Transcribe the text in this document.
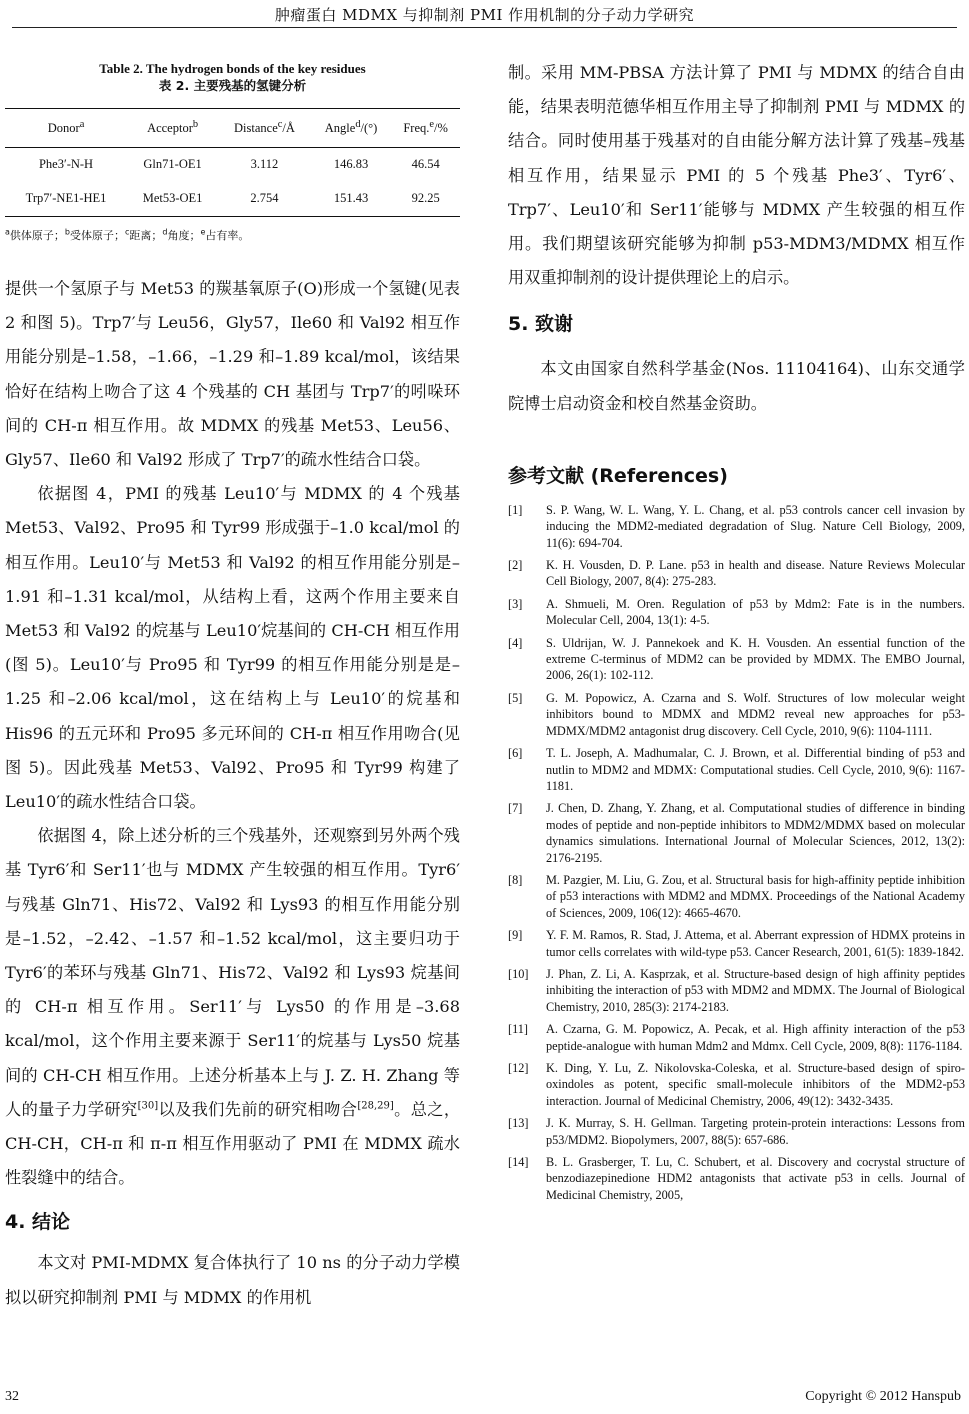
肿瘤蛋白 MDMX 与抑制剂 PMI 作用机制的分子动力学研究
Table 2. The hydrogen bonds of the key residues
表 2. 主要残基的氢键分析
Donor$^a$	Acceptor$^b$	Distance$^c$/Å	Angle$^d$/(°)	Freq.$^e$/%
Phe3′-N-H	Gln71-OE1	3.112	146.83	46.54
Trp7′-NE1-HE1	Met53-OE1	2.754	151.43	92.25
$^a$供体原子；$^b$受体原子；$^c$距离；$^d$角度；$^e$占有率。

提供一个氢原子与 Met53 的羰基氧原子(O)形成一个氢键(见表 2 和图 5)。Trp7′与 Leu56，Gly57，Ile60 和 Val92 相互作用能分别是–1.58，–1.66，–1.29 和–1.89 kcal/mol，该结果恰好在结构上吻合了这 4 个残基的 CH 基团与 Trp7′的吲哚环间的 CH-π 相互作用。故 MDMX 的残基 Met53、Leu56、Gly57、Ile60 和 Val92 形成了 Trp7′的疏水性结合口袋。

依据图 4，PMI 的残基 Leu10′与 MDMX 的 4 个残基 Met53、Val92、Pro95 和 Tyr99 形成强于–1.0 kcal/mol 的相互作用。Leu10′与 Met53 和 Val92 的相互作用能分别是–1.91 和–1.31 kcal/mol，从结构上看，这两个作用主要来自 Met53 和 Val92 的烷基与 Leu10′烷基间的 CH-CH 相互作用(图 5)。Leu10′与 Pro95 和 Tyr99 的相互作用能分别是是–1.25 和–2.06 kcal/mol，这在结构上与 Leu10′的烷基和 His96 的五元环和 Pro95 多元环间的 CH-π 相互作用吻合(见图 5)。因此残基 Met53、Val92、Pro95 和 Tyr99 构建了 Leu10′的疏水性结合口袋。

依据图 4，除上述分析的三个残基外，还观察到另外两个残基 Tyr6′和 Ser11′也与 MDMX 产生较强的相互作用。Tyr6′与残基 Gln71、His72、Val92 和 Lys93 的相互作用能分别是–1.52，–2.42、–1.57 和–1.52 kcal/mol，这主要归功于 Tyr6′的苯环与残基 Gln71、His72、Val92 和 Lys93 烷基间的 CH-π 相互作用。Ser11′与 Lys50 的作用是–3.68 kcal/mol，这个作用主要来源于 Ser11′的烷基与 Lys50 烷基间的 CH-CH 相互作用。上述分析基本上与 J. Z. H. Zhang 等人的量子力学研究[30]以及我们先前的研究相吻合[28,29]。总之，CH-CH，CH-π 和 π-π 相互作用驱动了 PMI 在 MDMX 疏水性裂缝中的结合。

4. 结论

本文对 PMI-MDMX 复合体执行了 10 ns 的分子动力学模拟以研究抑制剂 PMI 与 MDMX 的作用机

制。采用 MM-PBSA 方法计算了 PMI 与 MDMX 的结合自由能，结果表明范德华相互作用主导了抑制剂 PMI 与 MDMX 的结合。同时使用基于残基对的自由能分解方法计算了残基–残基相互作用，结果显示 PMI 的 5 个残基 Phe3′、Tyr6′、Trp7′、Leu10′和 Ser11′能够与 MDMX 产生较强的相互作用。我们期望该研究能够为抑制 p53-MDM3/MDMX 相互作用双重抑制剂的设计提供理论上的启示。

5. 致谢

本文由国家自然科学基金(Nos. 11104164)、山东交通学院博士启动资金和校自然基金资助。

参考文献 (References)
[1]	S. P. Wang, W. L. Wang, Y. L. Chang, et al. p53 controls cancer cell invasion by inducing the MDM2-mediated degradation of Slug. Nature Cell Biology, 2009, 11(6): 694-704.
[2]	K. H. Vousden, D. P. Lane. p53 in health and disease. Nature Reviews Molecular Cell Biology, 2007, 8(4): 275-283.
[3]	A. Shmueli, M. Oren. Regulation of p53 by Mdm2: Fate is in the numbers. Molecular Cell, 2004, 13(1): 4-5.
[4]	S. Uldrijan, W. J. Pannekoek and K. H. Vousden. An essential function of the extreme C-terminus of MDM2 can be provided by MDMX. The EMBO Journal, 2006, 26(1): 102-112.
[5]	G. M. Popowicz, A. Czarna and S. Wolf. Structures of low molecular weight inhibitors bound to MDMX and MDM2 reveal new approaches for p53-MDMX/MDM2 antagonist drug discovery. Cell Cycle, 2010, 9(6): 1104-1111.
[6]	T. L. Joseph, A. Madhumalar, C. J. Brown, et al. Differential binding of p53 and nutlin to MDM2 and MDMX: Computational studies. Cell Cycle, 2010, 9(6): 1167-1181.
[7]	J. Chen, D. Zhang, Y. Zhang, et al. Computational studies of difference in binding modes of peptide and non-peptide inhibitors to MDM2/MDMX based on molecular dynamics simulations. International Journal of Molecular Sciences, 2012, 13(2): 2176-2195.
[8]	M. Pazgier, M. Liu, G. Zou, et al. Structural basis for high-affinity peptide inhibition of p53 interactions with MDM2 and MDMX. Proceedings of the National Academy of Sciences, 2009, 106(12): 4665-4670.
[9]	Y. F. M. Ramos, R. Stad, J. Attema, et al. Aberrant expression of HDMX proteins in tumor cells correlates with wild-type p53. Cancer Research, 2001, 61(5): 1839-1842.
[10]	J. Phan, Z. Li, A. Kasprzak, et al. Structure-based design of high affinity peptides inhibiting the interaction of p53 with MDM2 and MDMX. The Journal of Biological Chemistry, 2010, 285(3): 2174-2183.
[11]	A. Czarna, G. M. Popowicz, A. Pecak, et al. High affinity interaction of the p53 peptide-analogue with human Mdm2 and Mdmx. Cell Cycle, 2009, 8(8): 1176-1184.
[12]	K. Ding, Y. Lu, Z. Nikolovska-Coleska, et al. Structure-based design of spiro-oxindoles as potent, specific small-molecule inhibitors of the MDM2-p53 interaction. Journal of Medicinal Chemistry, 2006, 49(12): 3432-3435.
[13]	J. K. Murray, S. H. Gellman. Targeting protein-protein interactions: Lessons from p53/MDM2. Biopolymers, 2007, 88(5): 657-686.
[14]	B. L. Grasberger, T. Lu, C. Schubert, et al. Discovery and cocrystal structure of benzodiazepinedione HDM2 antagonists that activate p53 in cells. Journal of Medicinal Chemistry, 2005,
32	Copyright © 2012 Hanspub
